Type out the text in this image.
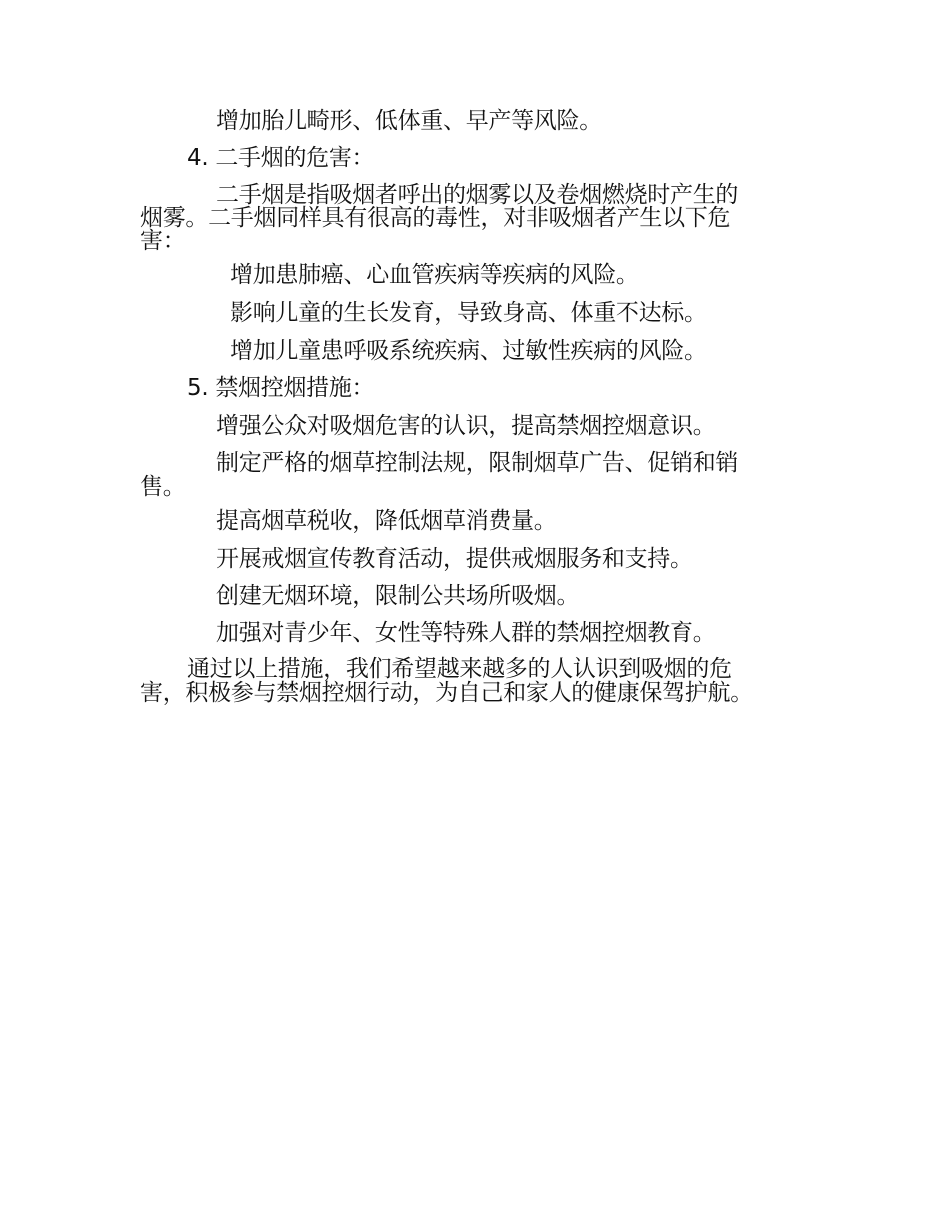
增加胎儿畸形、低体重、早产等风险。
4. 二手烟的危害：
二手烟是指吸烟者呼出的烟雾以及卷烟燃烧时产生的
烟雾。二手烟同样具有很高的毒性，对非吸烟者产生以下危
害：
增加患肺癌、心血管疾病等疾病的风险。
影响儿童的生长发育，导致身高、体重不达标。
增加儿童患呼吸系统疾病、过敏性疾病的风险。
5. 禁烟控烟措施：
增强公众对吸烟危害的认识，提高禁烟控烟意识。
制定严格的烟草控制法规，限制烟草广告、促销和销
售。
提高烟草税收，降低烟草消费量。
开展戒烟宣传教育活动，提供戒烟服务和支持。
创建无烟环境，限制公共场所吸烟。
加强对青少年、女性等特殊人群的禁烟控烟教育。
通过以上措施，我们希望越来越多的人认识到吸烟的危
害，积极参与禁烟控烟行动，为自己和家人的健康保驾护航。
